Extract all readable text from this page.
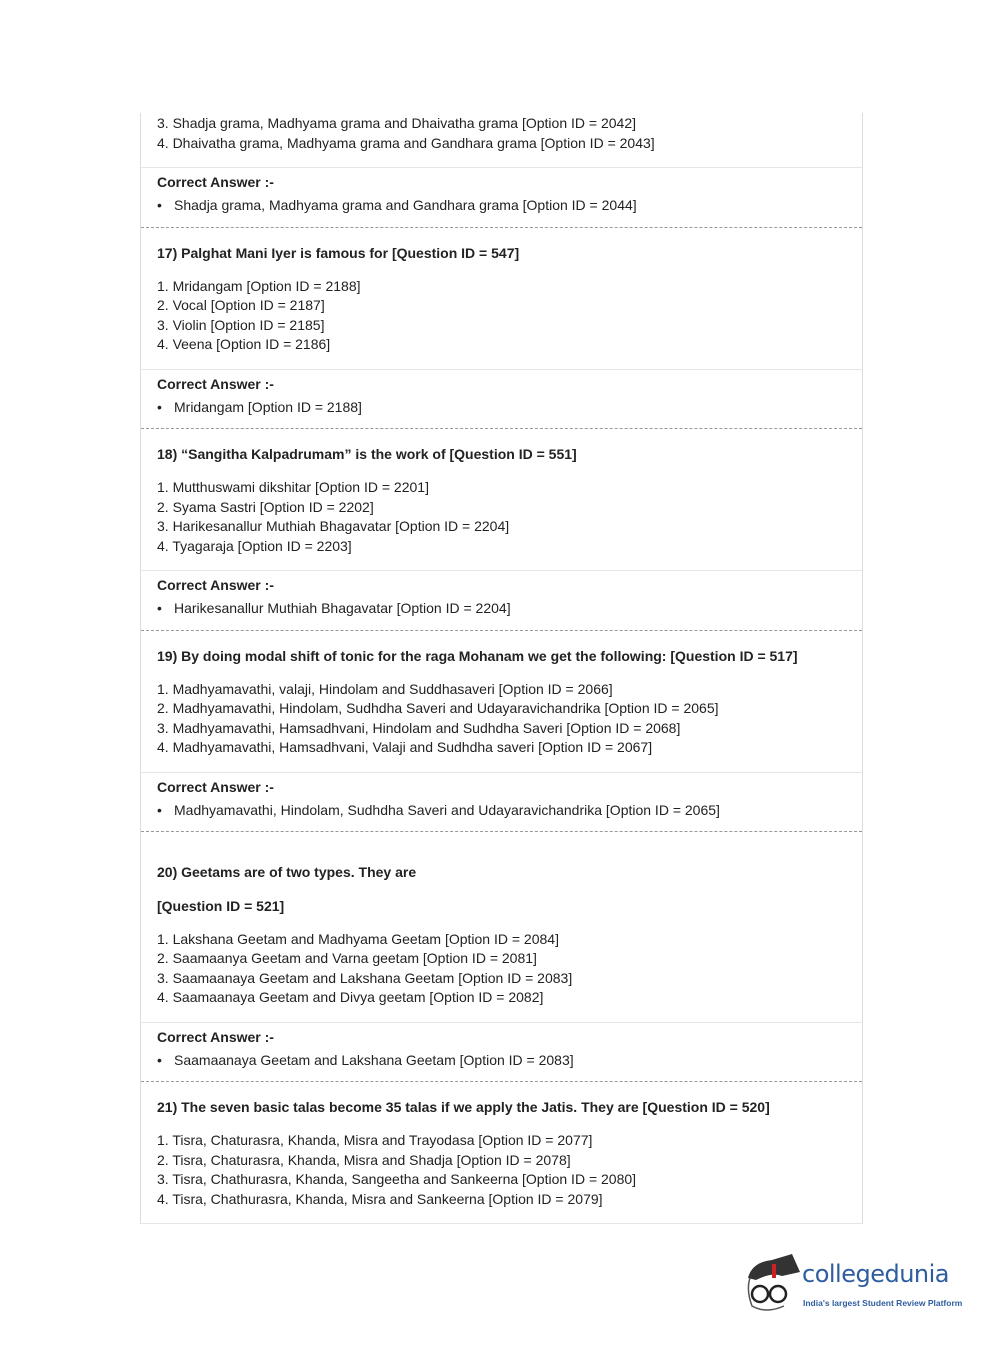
3. Shadja grama, Madhyama grama and Dhaivatha grama [Option ID = 2042]
4. Dhaivatha grama, Madhyama grama and Gandhara grama [Option ID = 2043]
Correct Answer :-
• Shadja grama, Madhyama grama and Gandhara grama [Option ID = 2044]
17) Palghat Mani Iyer is famous for [Question ID = 547]
1. Mridangam [Option ID = 2188]
2. Vocal [Option ID = 2187]
3. Violin [Option ID = 2185]
4. Veena [Option ID = 2186]
Correct Answer :-
• Mridangam [Option ID = 2188]
18) “Sangitha Kalpadrumam” is the work of [Question ID = 551]
1. Mutthuswami dikshitar [Option ID = 2201]
2. Syama Sastri [Option ID = 2202]
3. Harikesanallur Muthiah Bhagavatar [Option ID = 2204]
4. Tyagaraja [Option ID = 2203]
Correct Answer :-
• Harikesanallur Muthiah Bhagavatar [Option ID = 2204]
19) By doing modal shift of tonic for the raga Mohanam we get the following: [Question ID = 517]
1. Madhyamavathi, valaji, Hindolam and Suddhasaveri [Option ID = 2066]
2. Madhyamavathi, Hindolam, Sudhdha Saveri and Udayaravichandrika [Option ID = 2065]
3. Madhyamavathi, Hamsadhvani, Hindolam and Sudhdha Saveri [Option ID = 2068]
4. Madhyamavathi, Hamsadhvani, Valaji and Sudhdha saveri [Option ID = 2067]
Correct Answer :-
• Madhyamavathi, Hindolam, Sudhdha Saveri and Udayaravichandrika [Option ID = 2065]
20) Geetams are of two types. They are
[Question ID = 521]
1. Lakshana Geetam and Madhyama Geetam [Option ID = 2084]
2. Saamaanya Geetam and Varna geetam [Option ID = 2081]
3. Saamaanaya Geetam and Lakshana Geetam [Option ID = 2083]
4. Saamaanaya Geetam and Divya geetam [Option ID = 2082]
Correct Answer :-
• Saamaanaya Geetam and Lakshana Geetam [Option ID = 2083]
21) The seven basic talas become 35 talas if we apply the Jatis. They are [Question ID = 520]
1. Tisra, Chaturasra, Khanda, Misra and Trayodasa [Option ID = 2077]
2. Tisra, Chaturasra, Khanda, Misra and Shadja [Option ID = 2078]
3. Tisra, Chathurasra, Khanda, Sangeetha and Sankeerna [Option ID = 2080]
4. Tisra, Chathurasra, Khanda, Misra and Sankeerna [Option ID = 2079]
collegedunia
India's largest Student Review Platform
